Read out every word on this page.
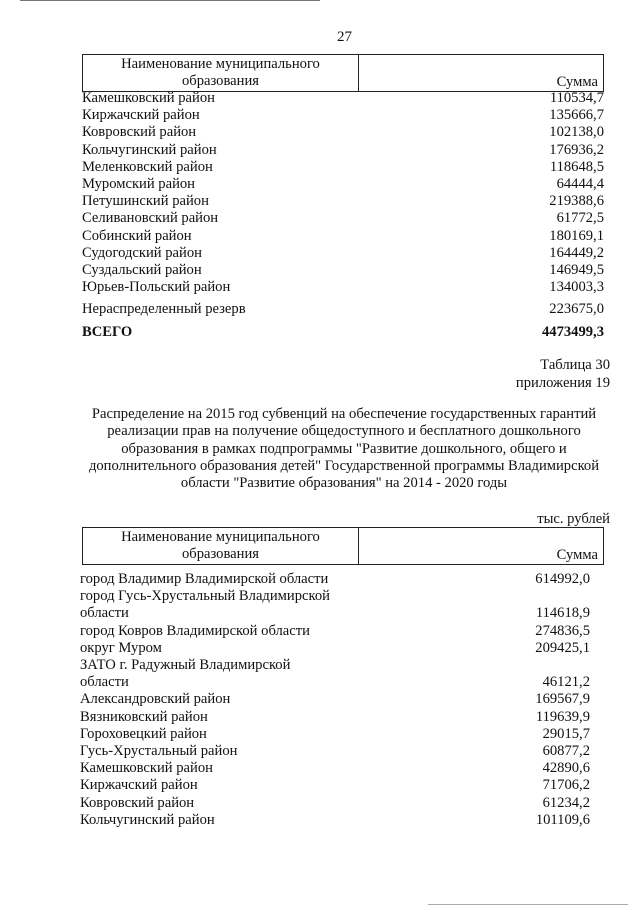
27
Наименование муниципального
образования	Сумма
Камешковский район	110534,7
Киржачский район	135666,7
Ковровский район	102138,0
Кольчугинский район	176936,2
Меленковский район	118648,5
Муромский район	64444,4
Петушинский район	219388,6
Селивановский район	61772,5
Собинский район	180169,1
Судогодский район	164449,2
Суздальский район	146949,5
Юрьев-Польский район	134003,3
Нераспределенный резерв	223675,0
ВСЕГО	4473499,3
Таблица 30
приложения 19
Распределение на 2015 год субвенций на обеспечение государственных гарантий реализации прав на получение общедоступного и бесплатного дошкольного образования в рамках подпрограммы "Развитие дошкольного, общего и дополнительного образования детей" Государственной программы Владимирской области "Развитие образования" на 2014 - 2020 годы
тыс. рублей
Наименование муниципального
образования	Сумма
город Владимир Владимирской области	614992,0
город Гусь-Хрустальный Владимирской
области	114618,9
город Ковров Владимирской области	274836,5
округ Муром	209425,1
ЗАТО г. Радужный Владимирской
области	46121,2
Александровский район	169567,9
Вязниковский район	119639,9
Гороховецкий район	29015,7
Гусь-Хрустальный район	60877,2
Камешковский район	42890,6
Киржачский район	71706,2
Ковровский район	61234,2
Кольчугинский район	101109,6
